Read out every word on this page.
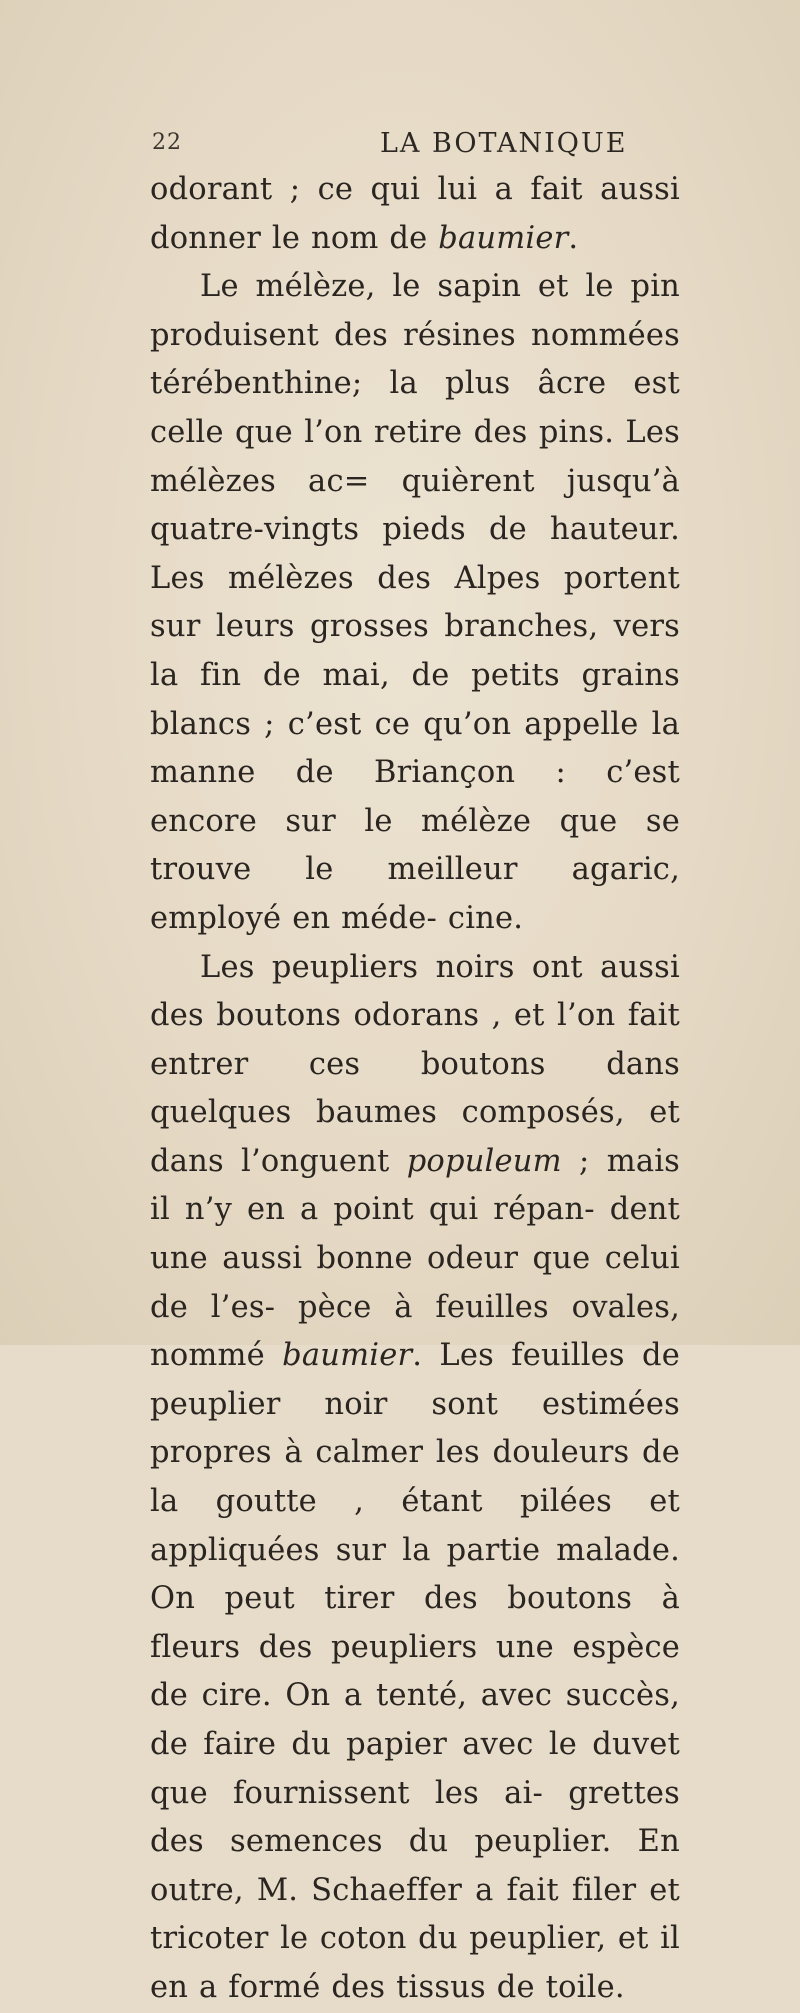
22	LA BOTANIQUE

odorant ; ce qui lui a fait aussi donner le nom de baumier.

Le mélèze, le sapin et le pin produisent des résines nommées térébenthine; la plus âcre est celle que l’on retire des pins. Les mélèzes ac= quièrent jusqu’à quatre-vingts pieds de hauteur. Les mélèzes des Alpes portent sur leurs grosses branches, vers la fin de mai, de petits grains blancs ; c’est ce qu’on appelle la manne de Briançon : c’est encore sur le mélèze que se trouve le meilleur agaric, employé en méde- cine.

Les peupliers noirs ont aussi des boutons odorans , et l’on fait entrer ces boutons dans quelques baumes composés, et dans l’onguent populeum ; mais il n’y en a point qui répan- dent une aussi bonne odeur que celui de l’es- pèce à feuilles ovales, nommé baumier. Les feuilles de peuplier noir sont estimées propres à calmer les douleurs de la goutte , étant pilées et appliquées sur la partie malade. On peut tirer des boutons à fleurs des peupliers une espèce de cire. On a tenté, avec succès, de faire du papier avec le duvet que fournissent les ai- grettes des semences du peuplier. En outre, M. Schaeffer a fait filer et tricoter le coton du peuplier, et il en a formé des tissus de toile.
